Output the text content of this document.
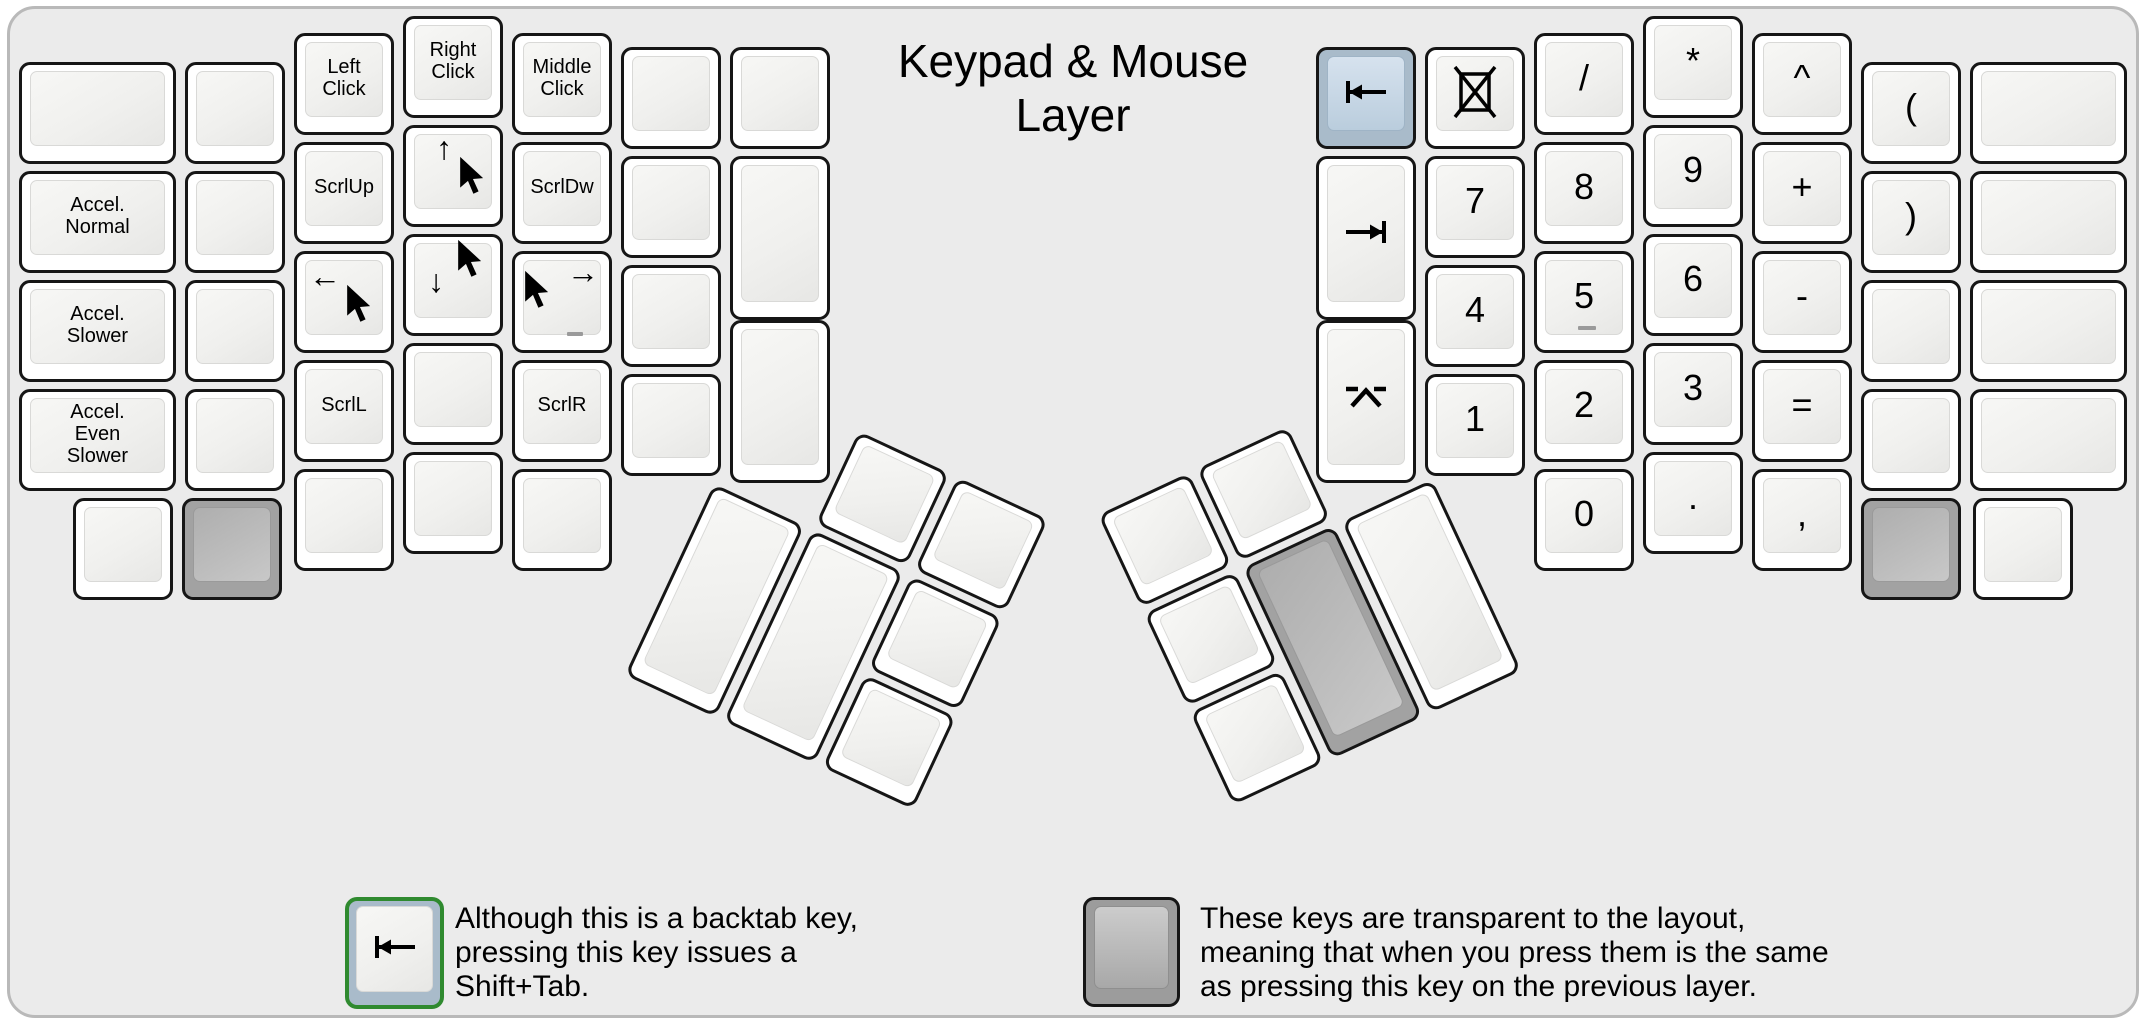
Keypad & Mouse
Layer
Accel.
Normal
Accel.
Slower
Accel.
Even
Slower
Left
Click
ScrlUp
←
ScrlL
Right
Click
↑
↓
Middle
Click
ScrlDw
→
ScrlR
7
4
1
/
8
5
2
0
*
9
6
3
.
^
+
-
=
,
(
)
Although this is a backtab key,
pressing this key issues a
Shift+Tab.
These keys are transparent to the layout,
meaning that when you press them is the same
as pressing this key on the previous layer.
